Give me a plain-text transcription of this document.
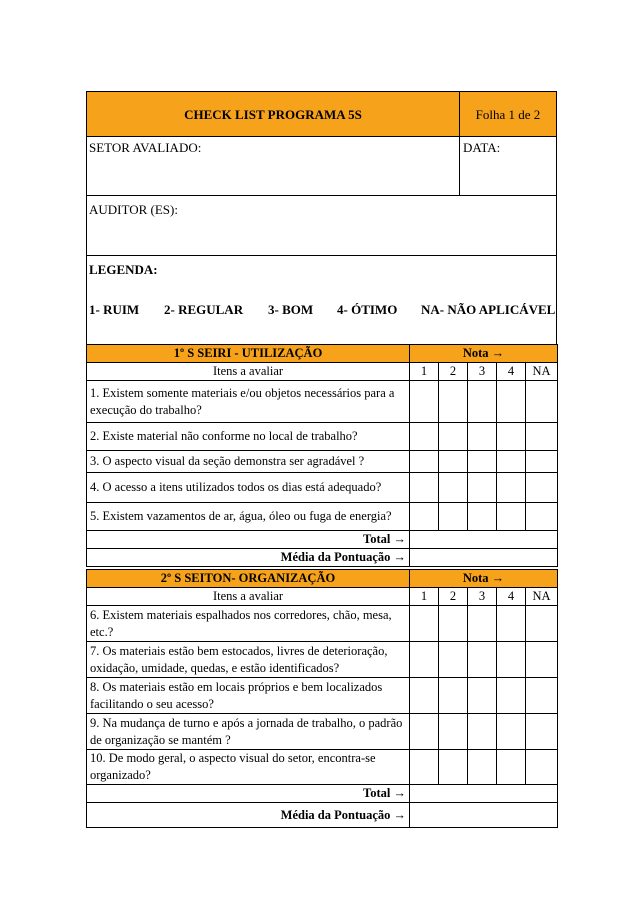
CHECK LIST PROGRAMA 5S	Folha 1 de 2
SETOR AVALIADO:	DATA:
AUDITOR (ES):
LEGENDA:
1- RUIM 2- REGULAR 3- BOM 4- ÓTIMO NA- NÃO APLICÁVEL
1º S SEIRI - UTILIZAÇÃO	Nota →				
Itens a avaliar	1	2	3	4	NA
1. Existem somente materiais e/ou objetos necessários para a execução do trabalho?					
2. Existe material não conforme no local de trabalho?					
3. O aspecto visual da seção demonstra ser agradável ?					
4. O acesso a itens utilizados todos os dias está adequado?					
5. Existem vazamentos de ar, água, óleo ou fuga de energia?					
Total →					
Média da Pontuação →					
2º S SEITON- ORGANIZAÇÃO	Nota →				
Itens a avaliar	1	2	3	4	NA
6. Existem materiais espalhados nos corredores, chão, mesa, etc.?					
7. Os materiais estão bem estocados, livres de deterioração, oxidação, umidade, quedas, e estão identificados?					
8. Os materiais estão em locais próprios e bem localizados facilitando o seu acesso?					
9. Na mudança de turno e após a jornada de trabalho, o padrão de organização se mantém ?					
10. De modo geral, o aspecto visual do setor, encontra-se organizado?					
Total →					
Média da Pontuação →					
